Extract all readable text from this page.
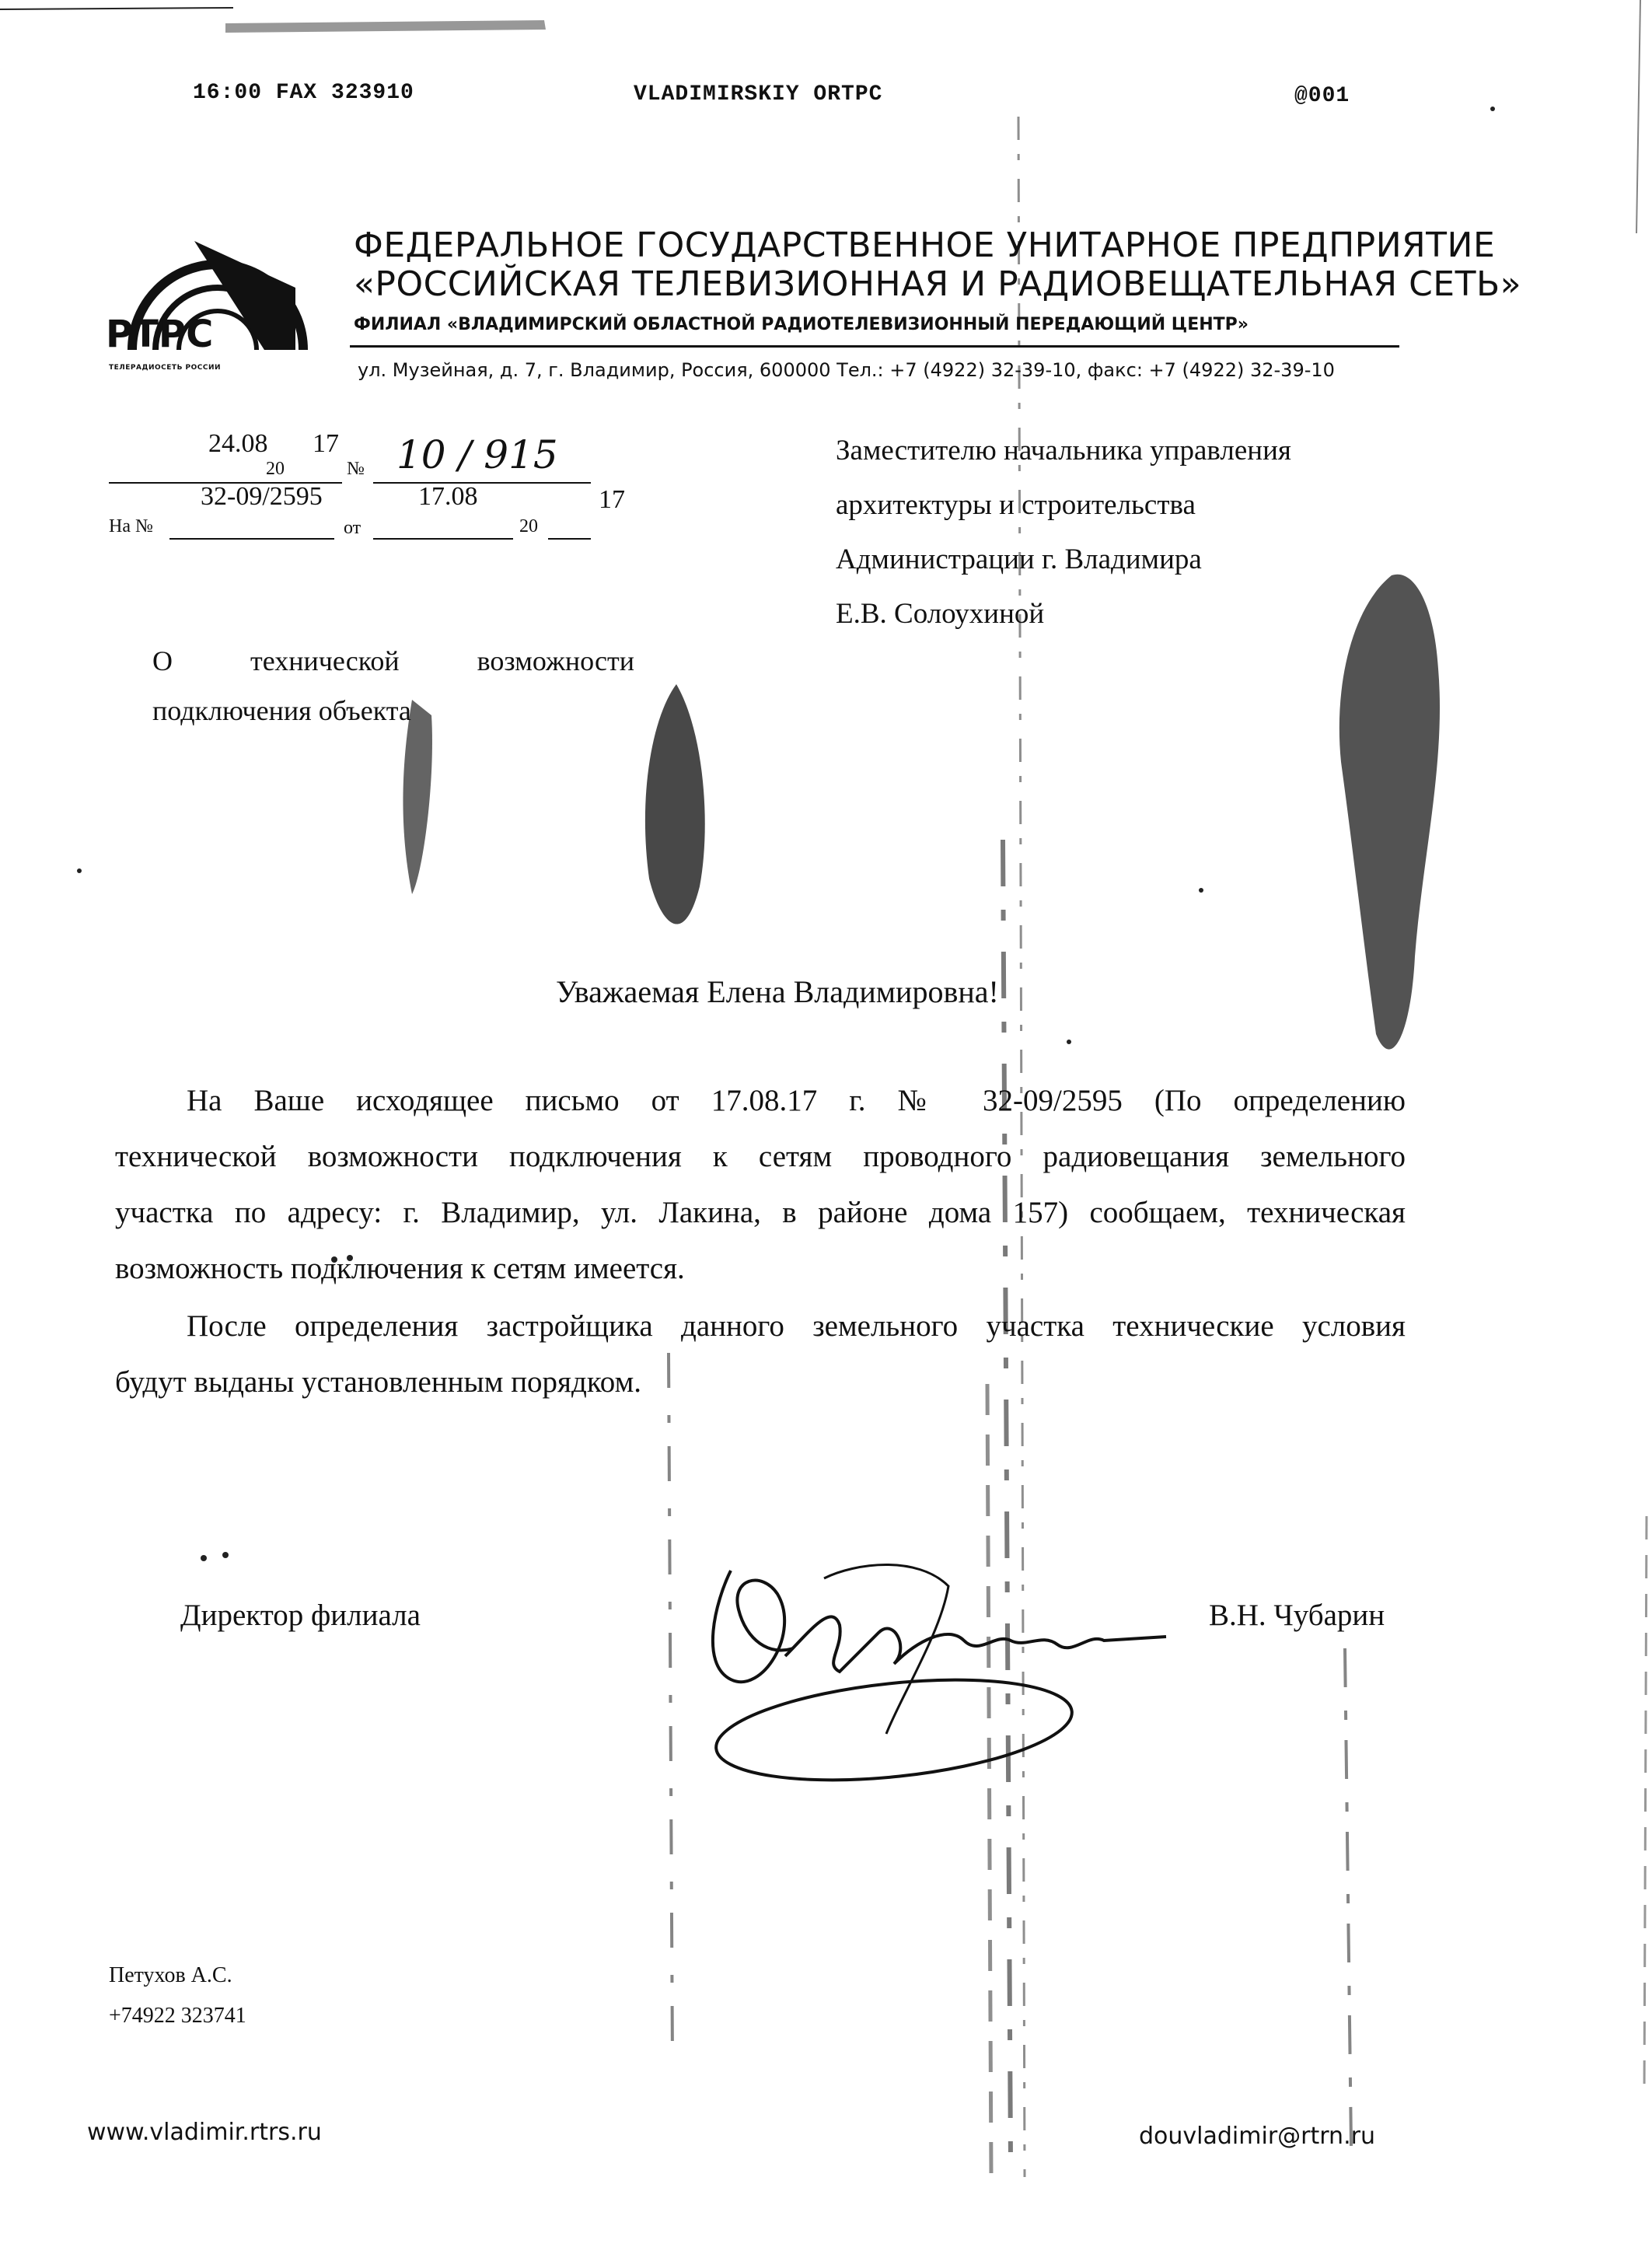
16:00 FAX 323910	VLADIMIRSKIY ORTPC	@001
РТРС
ТЕЛЕРАДИОСЕТЬ РОССИИ
ФЕДЕРАЛЬНОЕ ГОСУДАРСТВЕННОЕ УНИТАРНОЕ ПРЕДПРИЯТИЕ
«РОССИЙСКАЯ ТЕЛЕВИЗИОННАЯ И РАДИОВЕЩАТЕЛЬНАЯ СЕТЬ»
ФИЛИАЛ «ВЛАДИМИРСКИЙ ОБЛАСТНОЙ РАДИОТЕЛЕВИЗИОННЫЙ ПЕРЕДАЮЩИЙ ЦЕНТР»
ул. Музейная, д. 7, г. Владимир, Россия, 600000 Тел.: +7 (4922) 32-39-10, факс: +7 (4922) 32-39-10
24.08 17
20	№ 10 / 915
На №
32-09/2595
от
17.08
20
17
Заместителю начальника управления
архитектуры и строительства
Администрации г. Владимира
Е.В. Солоухиной
О	технической	возможности
подключения объекта
Уважаемая Елена Владимировна!
На Ваше исходящее письмо от 17.08.17 г. № 32-09/2595 (По определению
технической возможности подключения к сетям проводного радиовещания земельного
участка по адресу: г. Владимир, ул. Лакина, в районе дома 157) сообщаем, техническая
возможность подключения к сетям имеется.
После определения застройщика данного земельного участка технические условия
будут выданы установленным порядком.
Директор филиала	В.Н. Чубарин
Петухов А.С.
+74922 323741
www.vladimir.rtrs.ru	douvladimir@rtrn.ru
